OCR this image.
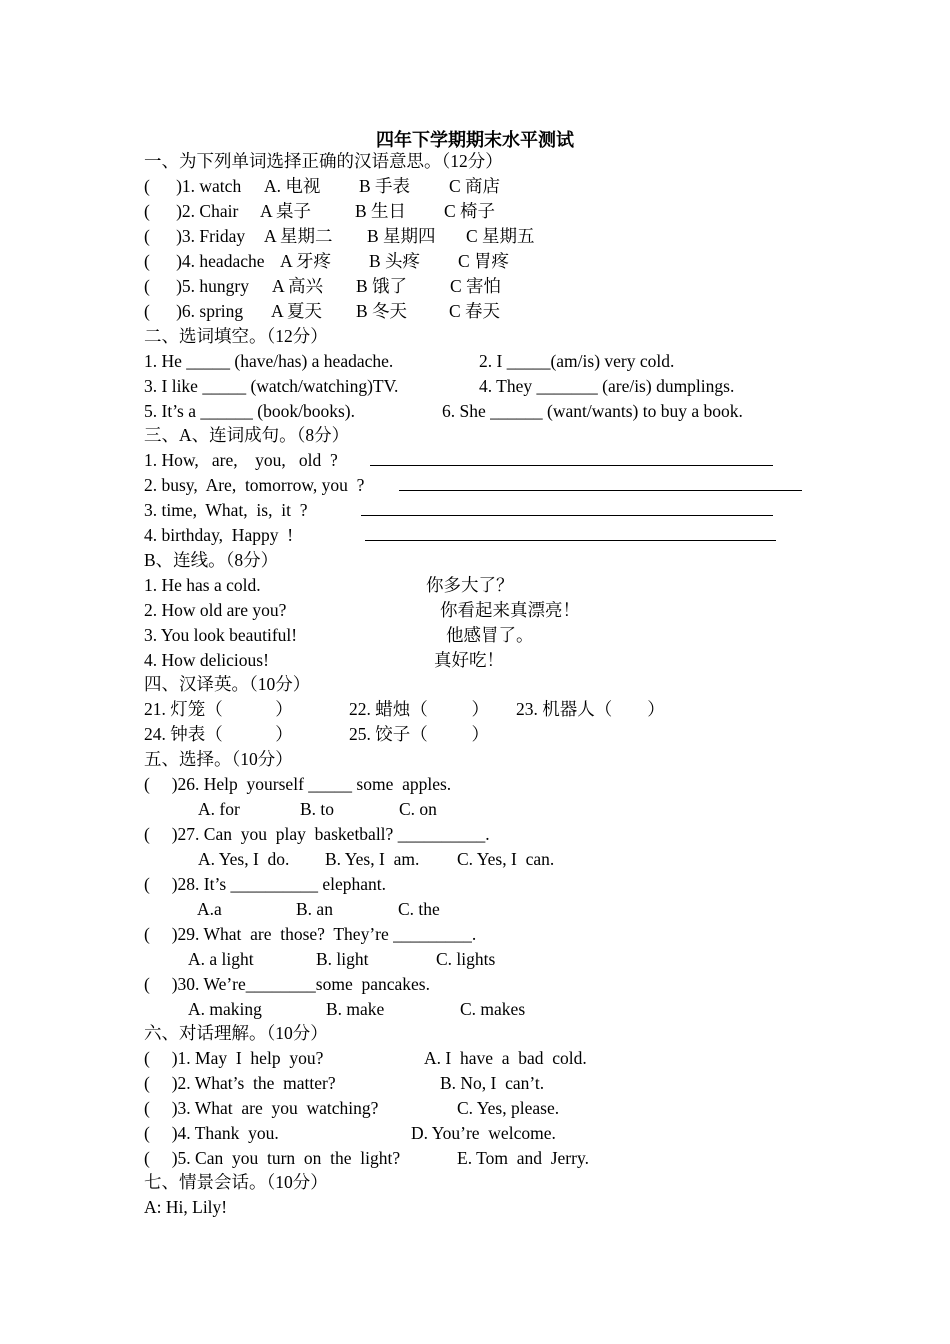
四年下学期期末水平测试
一、为下列单词选择正确的汉语意思。（12分）
(      )1. watch A. 电视 B 手表 C 商店
(      )2. Chair A 桌子	B 生日 C 椅子
(      )3. Friday A 星期二 B 星期四 C 星期五
(      )4. headache A 牙疼 B 头疼 C 胃疼
(      )5. hungry A 高兴 B 饿了 C 害怕
(      )6. spring A 夏天 B 冬天 C 春天
二、选词填空。（12分）
1. He _____ (have/has) a headache.	2. I _____(am/is) very cold.
3. I like _____ (watch/watching)TV.	4. They _______ (are/is) dumplings.
5. It’s a ______ (book/books).	6. She ______ (want/wants) to buy a book.
三、A、连词成句。（8分）
1. How,   are,    you,   old  ?
2. busy,  Are,  tomorrow, you  ?
3. time,  What,  is,  it  ?
4. birthday,  Happy  !
B、连线。（8分）
1. He has a cold.	你多大了？
2. How old are you?	你看起来真漂亮！
3. You look beautiful!	他感冒了。
4. How delicious!	真好吃！
四、汉译英。（10分）
21. 灯笼（            ）	22. 蜡烛（          ） 23. 机器人（        ）
24. 钟表（            ）	25. 饺子（          ）
五、选择。（10分）
(     )26. Help  yourself _____ some  apples.
A. for	B. to	C. on
(     )27. Can  you  play  basketball? __________.
A. Yes, I  do. B. Yes, I  am. C. Yes, I  can.
(     )28. It’s __________ elephant.
A.a	B. an	C. the
(     )29. What  are  those?  They’re _________.
A. a light	B. light	C. lights
(     )30. We’re________some  pancakes.
A. making	B. make	C. makes
六、对话理解。（10分）
(     )1. May  I  help  you?	A. I  have  a  bad  cold.
(     )2. What’s  the  matter?	B. No, I  can’t.
(     )3. What  are  you  watching?	C. Yes, please.
(     )4. Thank  you.	D. You’re  welcome.
(     )5. Can  you  turn  on  the  light?	E. Tom  and  Jerry.
七、情景会话。（10分）
A: Hi, Lily!
